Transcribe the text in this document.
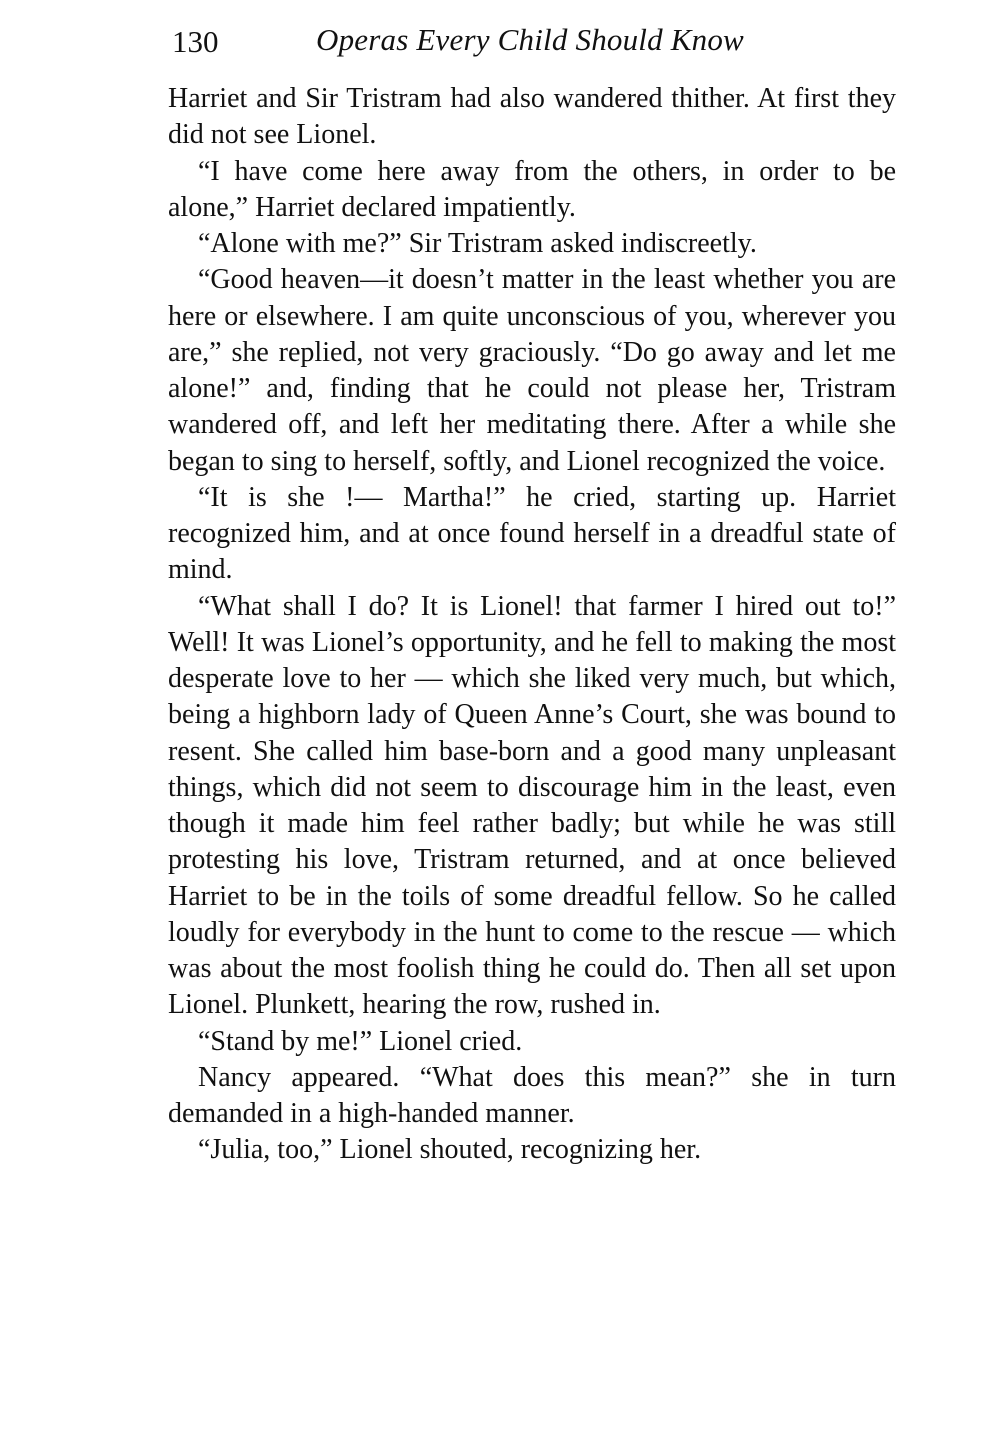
130	Operas Every Child Should Know

Harriet and Sir Tristram had also wandered thither. At first they did not see Lionel.

“I have come here away from the others, in order to be alone,” Harriet declared impatiently.

“Alone with me?” Sir Tristram asked indiscreetly.

“Good heaven—it doesn’t matter in the least whether you are here or elsewhere. I am quite unconscious of you, wherever you are,” she replied, not very graciously. “Do go away and let me alone!” and, finding that he could not please her, Tristram wandered off, and left her meditating there. After a while she began to sing to herself, softly, and Lionel recognized the voice.

“It is she !— Martha!” he cried, starting up. Harriet recognized him, and at once found herself in a dreadful state of mind.

“What shall I do? It is Lionel! that farmer I hired out to!” Well! It was Lionel’s opportunity, and he fell to making the most desperate love to her — which she liked very much, but which, being a highborn lady of Queen Anne’s Court, she was bound to resent. She called him base-born and a good many unpleasant things, which did not seem to discourage him in the least, even though it made him feel rather badly; but while he was still protesting his love, Tristram returned, and at once believed Harriet to be in the toils of some dreadful fellow. So he called loudly for everybody in the hunt to come to the rescue — which was about the most foolish thing he could do. Then all set upon Lionel. Plunkett, hearing the row, rushed in.

“Stand by me!” Lionel cried.

Nancy appeared. “What does this mean?” she in turn demanded in a high-handed manner.

“Julia, too,” Lionel shouted, recognizing her.
